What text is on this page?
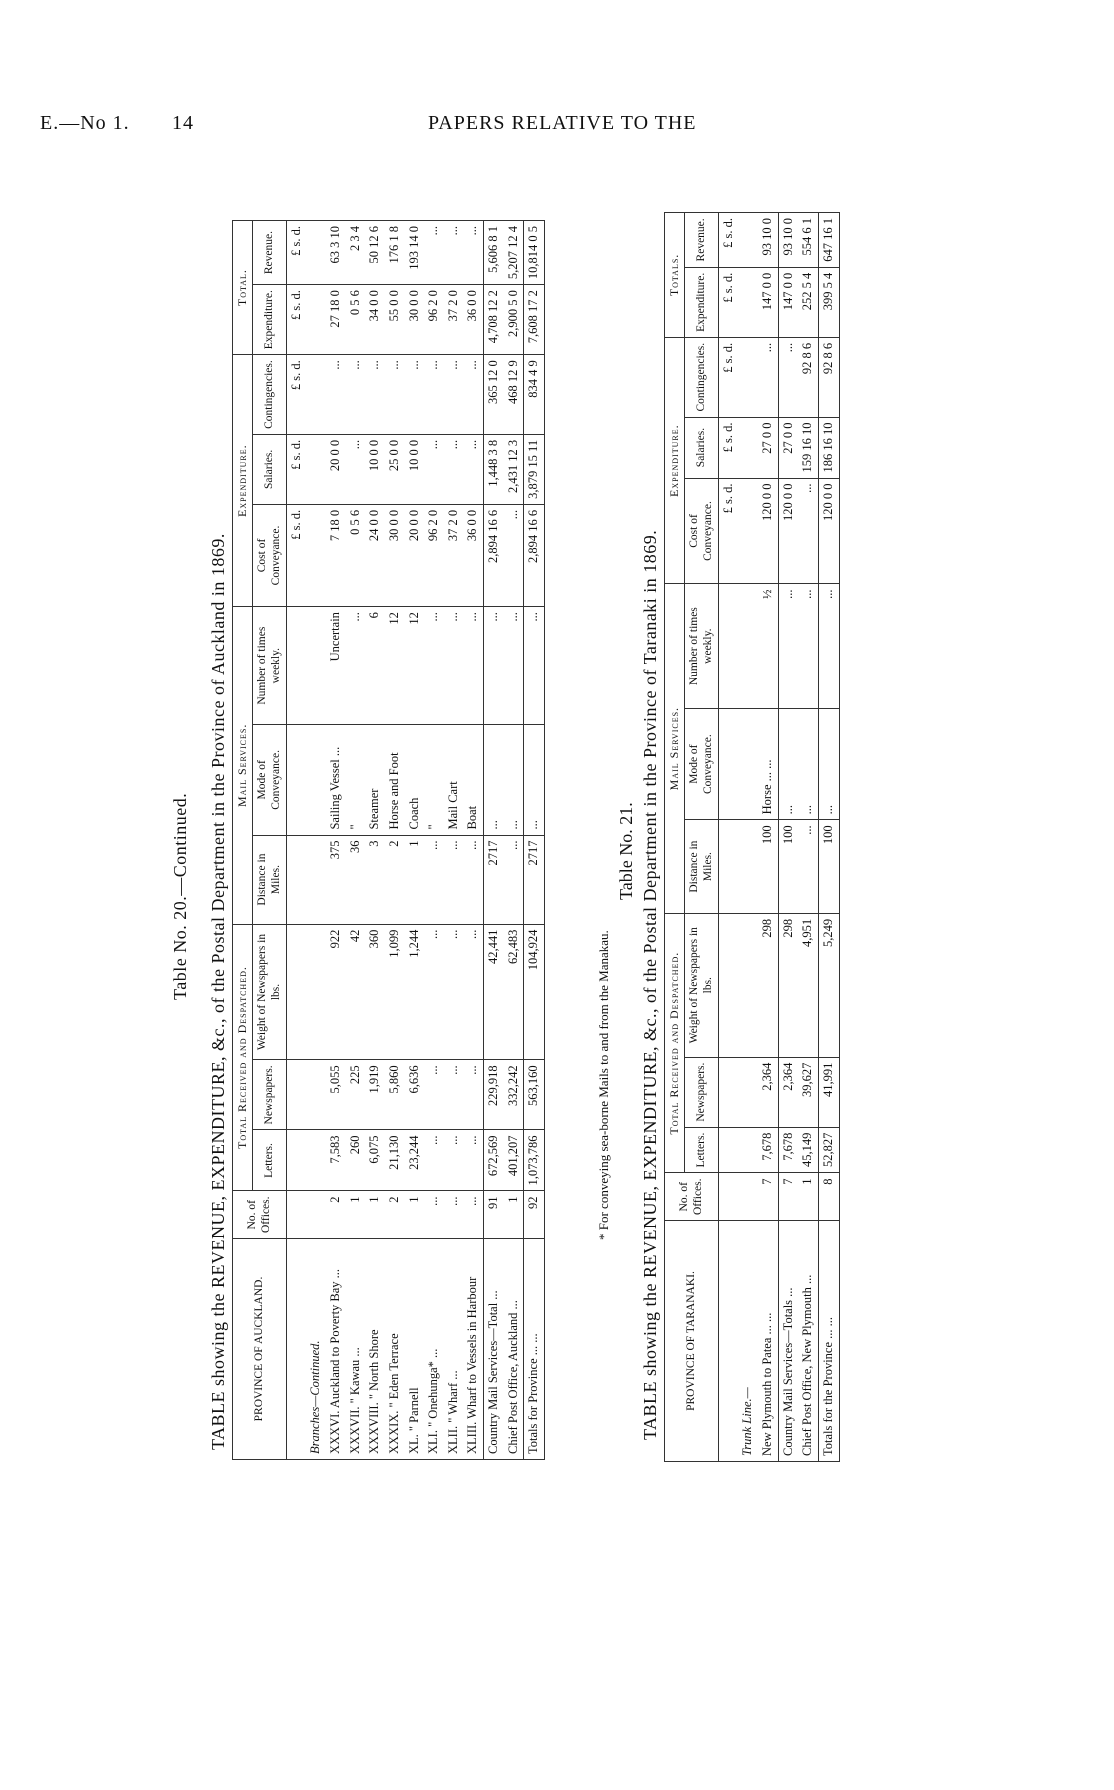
E.—No 1. 14	PAPERS RELATIVE TO THE
Table No. 20.—Continued. TABLE showing the REVENUE, EXPENDITURE, &c., of the Postal Department in the Province of Auckland in 1869. PROVINCE OF AUCKLAND.	No. of Offices.	Total Received and Despatched.			Mail Services.			Expenditure.			Total.	
		Letters.	Newspapers.	Weight of Newspapers in lbs.	Distance in Miles.	Mode of Conveyance.	Number of times weekly.	Cost of Conveyance.	Salaries.	Contingencies.	Expenditure.	Revenue.
								£ s. d.	£ s. d.	£ s. d.	£ s. d.	£ s. d.
Branches—Continued.												
XXXVI. Auckland to Poverty Bay ...	2	7,583	5,055	922	375	Sailing Vessel ...	Uncertain	7 18 0	20 0 0	...	27 18 0	63 3 10
XXXVII. " Kawau ...	1	260	225	42	36	"	...	0 5 6	...	...	0 5 6	2 3 4
XXXVIII. " North Shore	1	6,075	1,919	360	3	Steamer	6	24 0 0	10 0 0	...	34 0 0	50 12 6
XXXIX. " Eden Terrace	2	21,130	5,860	1,099	2	Horse and Foot	12	30 0 0	25 0 0	...	55 0 0	176 1 8
XL. " Parnell	1	23,244	6,636	1,244	1	Coach	12	20 0 0	10 0 0	...	30 0 0	193 14 0
XLI. " Onehunga* ...	...	...	...	...	...	"	...	96 2 0	...	...	96 2 0	...
XLII. " Wharf ...	...	...	...	...	...	Mail Cart	...	37 2 0	...	...	37 2 0	...
XLIII. Wharf to Vessels in Harbour	...	...	...	...	...	Boat	...	36 0 0	...	...	36 0 0	...
Country Mail Services—Total ...	91	672,569	229,918	42,441	2717	...	...	2,894 16 6	1,448 3 8	365 12 0	4,708 12 2	5,606 8 1
Chief Post Office, Auckland ...	1	401,207	332,242	62,483	...	...	...	...	2,431 12 3	468 12 9	2,900 5 0	5,207 12 4
Totals for Province ... ...	92	1,073,786	563,160	104,924	2717	...	...	2,894 16 6	3,879 15 11	834 4 9	7,608 17 2	10,814 0 5
* For conveying sea-borne Mails to and from the Manakau.
Table No. 21. TABLE showing the REVENUE, EXPENDITURE, &c., of the Postal Department in the Province of Taranaki in 1869. PROVINCE OF TARANAKI.	No. of Offices.	Total Received and Despatched.			Mail Services.			Expenditure.			Totals.	
		Letters.	Newspapers.	Weight of Newspapers in lbs.	Distance in Miles.	Mode of Conveyance.	Number of times weekly.	Cost of Conveyance.	Salaries.	Contingencies.	Expenditure.	Revenue.
								£ s. d.	£ s. d.	£ s. d.	£ s. d.	£ s. d.
Trunk Line.—												
New Plymouth to Patea ... ...	7	7,678	2,364	298	100	Horse ... ...	½	120 0 0	27 0 0	...	147 0 0	93 10 0
Country Mail Services—Totals ...	7	7,678	2,364	298	100	...	...	120 0 0	27 0 0	...	147 0 0	93 10 0
Chief Post Office, New Plymouth ...	1	45,149	39,627	4,951	...	...	...	...	159 16 10	92 8 6	252 5 4	554 6 1
Totals for the Province ... ...	8	52,827	41,991	5,249	100	...	...	120 0 0	186 16 10	92 8 6	399 5 4	647 16 1
